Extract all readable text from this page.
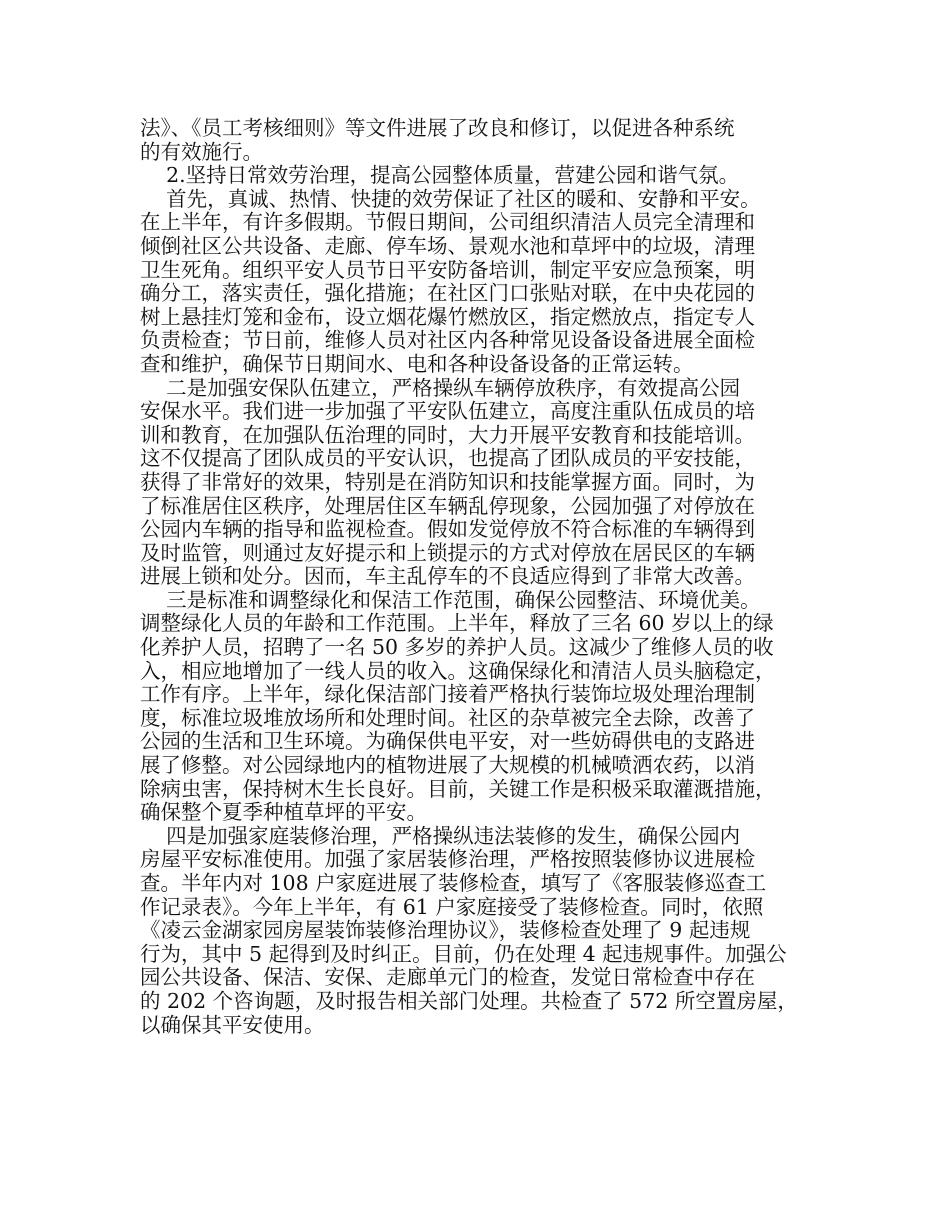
法》、《员工考核细则》等文件进展了改良和修订，以促进各种系统
的有效施行。
2.坚持日常效劳治理，提高公园整体质量，营建公园和谐气氛。
首先，真诚、热情、快捷的效劳保证了社区的暖和、安静和平安。
在上半年，有许多假期。节假日期间，公司组织清洁人员完全清理和
倾倒社区公共设备、走廊、停车场、景观水池和草坪中的垃圾，清理
卫生死角。组织平安人员节日平安防备培训，制定平安应急预案，明
确分工，落实责任，强化措施；在社区门口张贴对联，在中央花园的
树上悬挂灯笼和金布，设立烟花爆竹燃放区，指定燃放点，指定专人
负责检查；节日前，维修人员对社区内各种常见设备设备进展全面检
查和维护，确保节日期间水、电和各种设备设备的正常运转。
二是加强安保队伍建立，严格操纵车辆停放秩序，有效提高公园
安保水平。我们进一步加强了平安队伍建立，高度注重队伍成员的培
训和教育，在加强队伍治理的同时，大力开展平安教育和技能培训。
这不仅提高了团队成员的平安认识，也提高了团队成员的平安技能，
获得了非常好的效果，特别是在消防知识和技能掌握方面。同时，为
了标准居住区秩序，处理居住区车辆乱停现象，公园加强了对停放在
公园内车辆的指导和监视检查。假如发觉停放不符合标准的车辆得到
及时监管，则通过友好提示和上锁提示的方式对停放在居民区的车辆
进展上锁和处分。因而，车主乱停车的不良适应得到了非常大改善。
三是标准和调整绿化和保洁工作范围，确保公园整洁、环境优美。
调整绿化人员的年龄和工作范围。上半年，释放了三名 60 岁以上的绿
化养护人员，招聘了一名 50 多岁的养护人员。这减少了维修人员的收
入，相应地增加了一线人员的收入。这确保绿化和清洁人员头脑稳定，
工作有序。上半年，绿化保洁部门接着严格执行装饰垃圾处理治理制
度，标准垃圾堆放场所和处理时间。社区的杂草被完全去除，改善了
公园的生活和卫生环境。为确保供电平安，对一些妨碍供电的支路进
展了修整。对公园绿地内的植物进展了大规模的机械喷洒农药，以消
除病虫害，保持树木生长良好。目前，关键工作是积极采取灌溉措施，
确保整个夏季种植草坪的平安。
四是加强家庭装修治理，严格操纵违法装修的发生，确保公园内
房屋平安标准使用。加强了家居装修治理，严格按照装修协议进展检
查。半年内对 108 户家庭进展了装修检查，填写了《客服装修巡查工
作记录表》。今年上半年，有 61 户家庭接受了装修检查。同时，依照
《凌云金湖家园房屋装饰装修治理协议》，装修检查处理了 9 起违规
行为，其中 5 起得到及时纠正。目前，仍在处理 4 起违规事件。加强公
园公共设备、保洁、安保、走廊单元门的检查，发觉日常检查中存在
的 202 个咨询题，及时报告相关部门处理。共检查了 572 所空置房屋，
以确保其平安使用。
